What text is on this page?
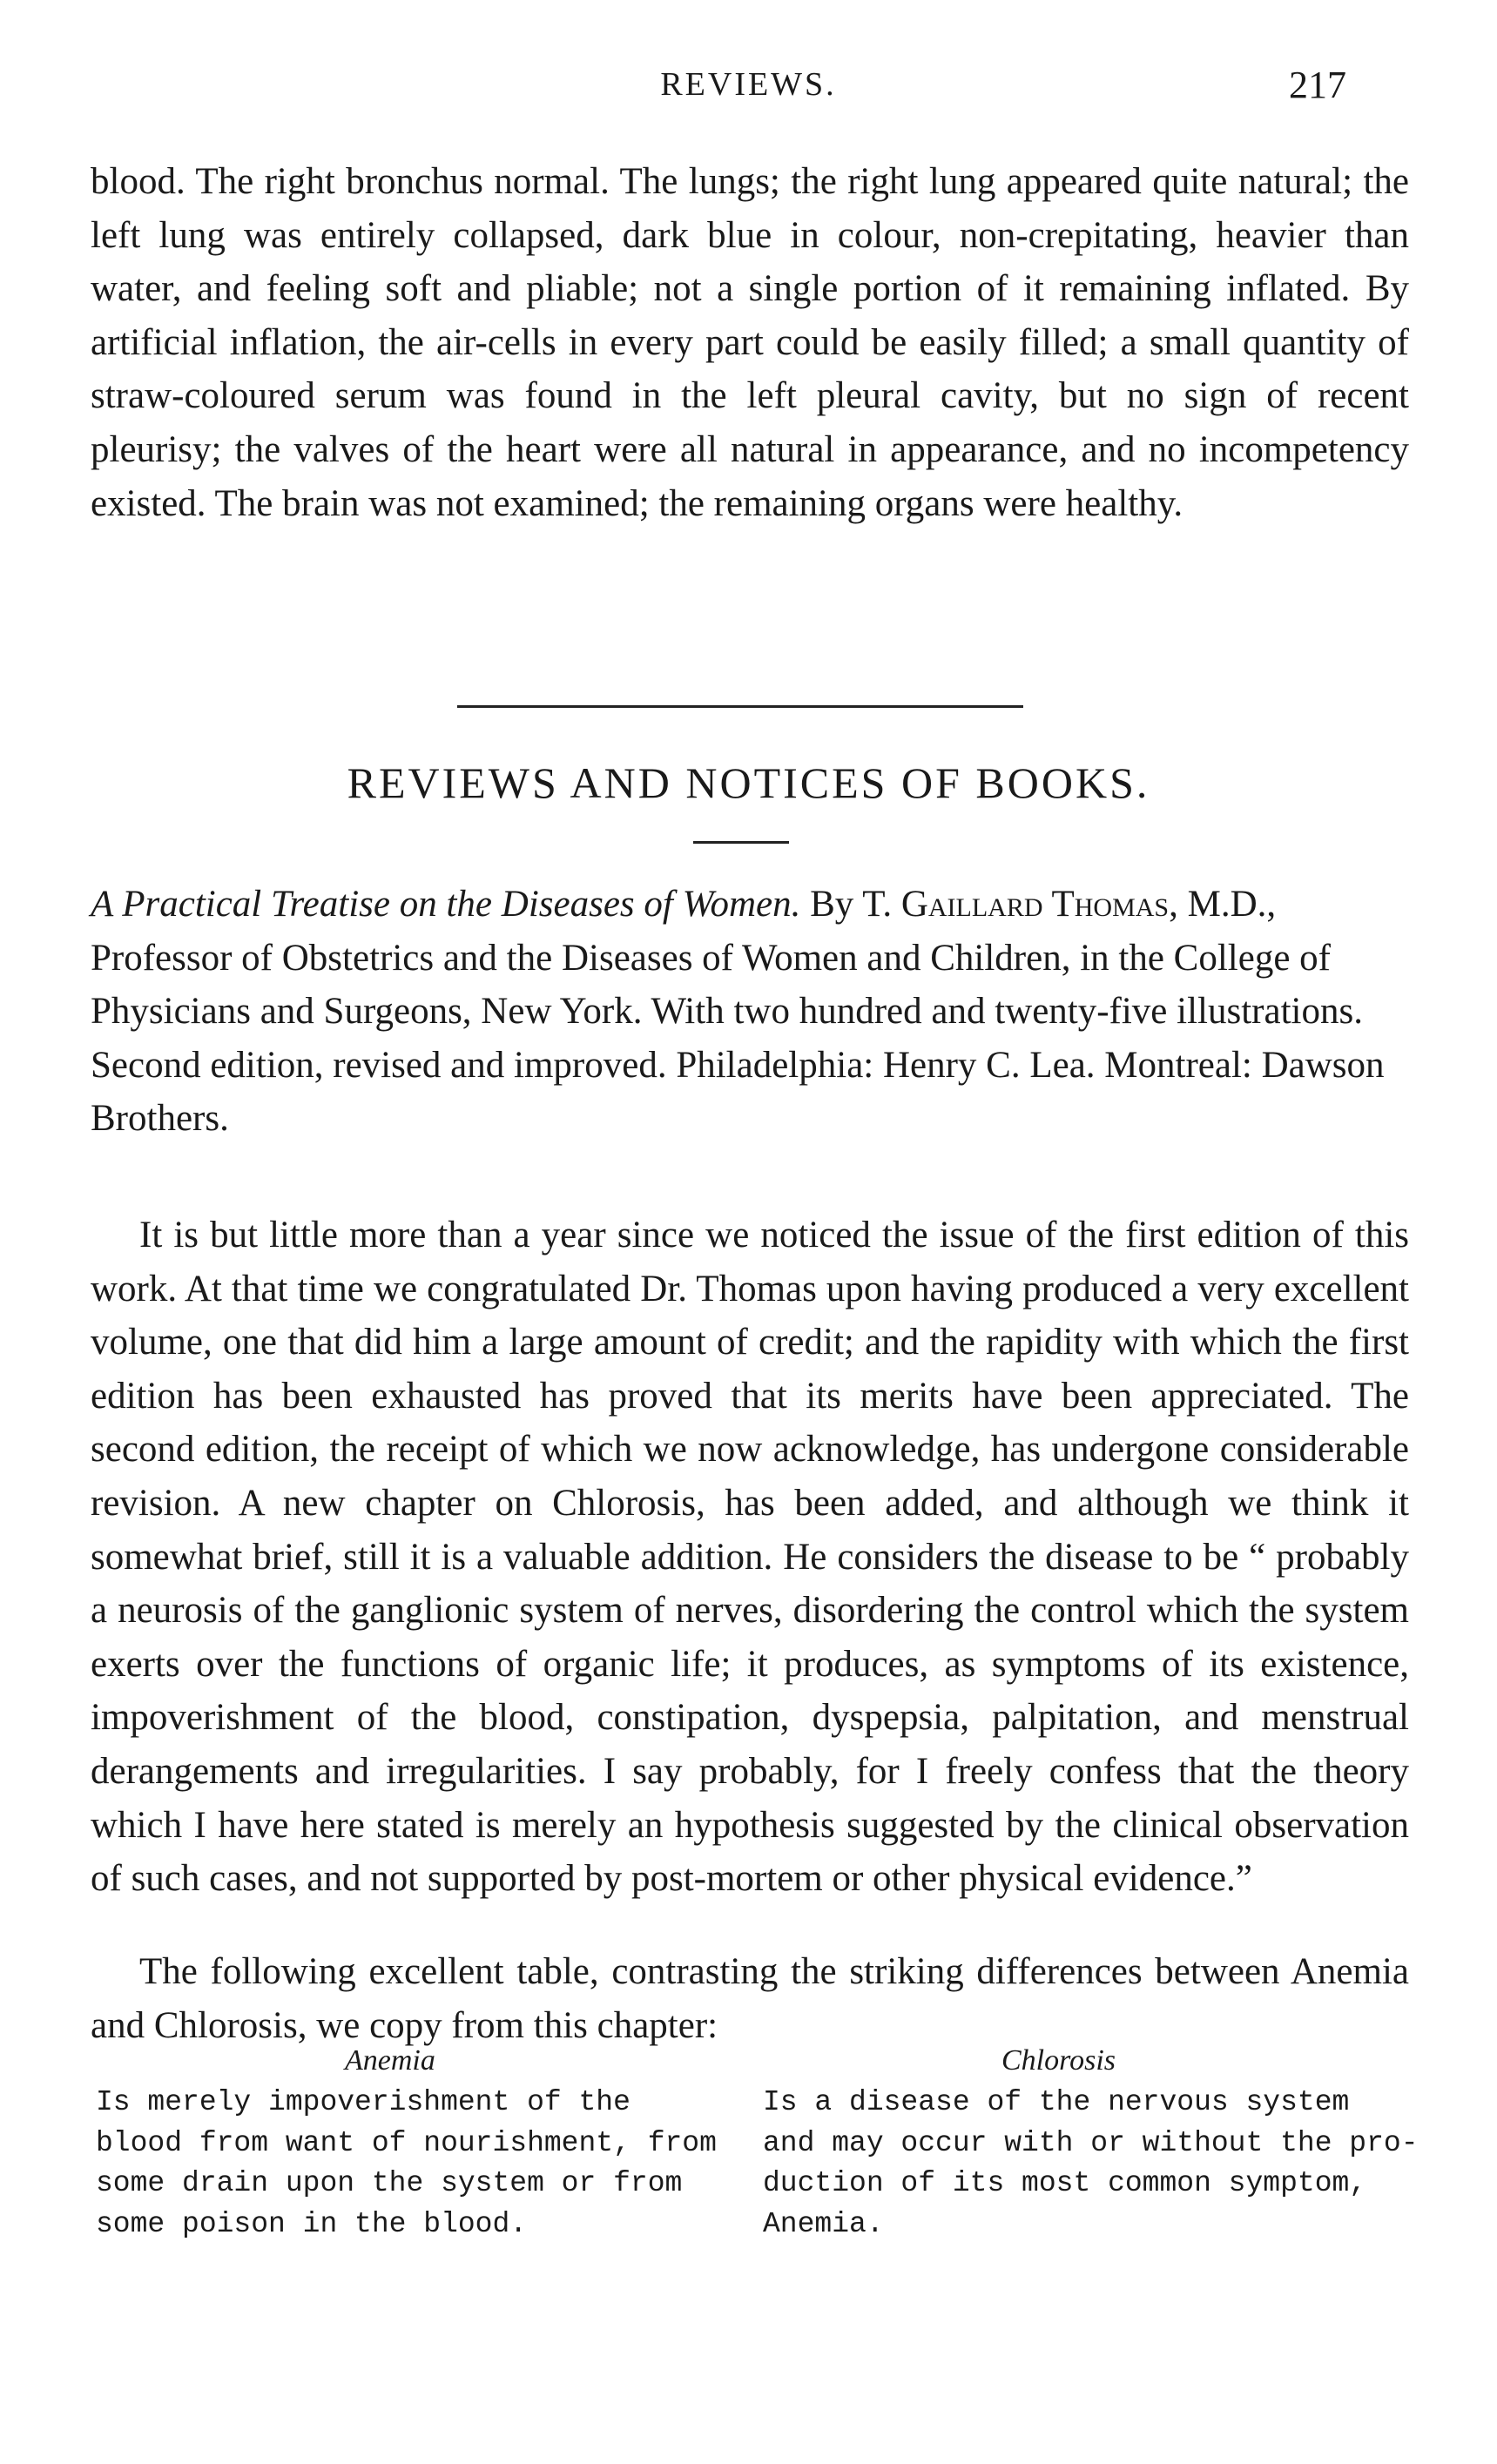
REVIEWS.	217

blood. The right bronchus normal. The lungs; the right lung appeared quite natural; the left lung was entirely collapsed, dark blue in colour, non-crepitating, heavier than water, and feeling soft and pliable; not a single portion of it remaining inflated. By artificial inflation, the air-cells in every part could be easily filled; a small quantity of straw-coloured serum was found in the left pleural cavity, but no sign of recent pleurisy; the valves of the heart were all natural in appearance, and no incompetency existed. The brain was not examined; the remaining organs were healthy.

REVIEWS AND NOTICES OF BOOKS.
A Practical Treatise on the Diseases of Women. By T. Gaillard Thomas, M.D., Professor of Obstetrics and the Diseases of Women and Children, in the College of Physicians and Surgeons, New York. With two hundred and twenty-five illustrations. Second edition, revised and improved. Philadelphia: Henry C. Lea. Montreal: Dawson Brothers.

It is but little more than a year since we noticed the issue of the first edition of this work. At that time we congratulated Dr. Thomas upon having produced a very excellent volume, one that did him a large amount of credit; and the rapidity with which the first edition has been exhausted has proved that its merits have been appreciated. The second edition, the receipt of which we now acknowledge, has undergone considerable revision. A new chapter on Chlorosis, has been added, and although we think it somewhat brief, still it is a valuable addition. He considers the disease to be “ probably a neurosis of the ganglionic system of nerves, disordering the control which the system exerts over the functions of organic life; it produces, as symptoms of its existence, impoverishment of the blood, constipation, dyspepsia, palpitation, and menstrual derangements and irregularities. I say probably, for I freely confess that the theory which I have here stated is merely an hypothesis suggested by the clinical observation of such cases, and not supported by post-mortem or other physical evidence.”

The following excellent table, contrasting the striking differences between Anemia and Chlorosis, we copy from this chapter:

Anemia	Chlorosis
Is merely impoverishment of the
blood from want of nourishment, from
some drain upon the system or from
some poison in the blood.
Is a disease of the nervous system
and may occur with or without the pro-
duction of its most common symptom,
Anemia.
